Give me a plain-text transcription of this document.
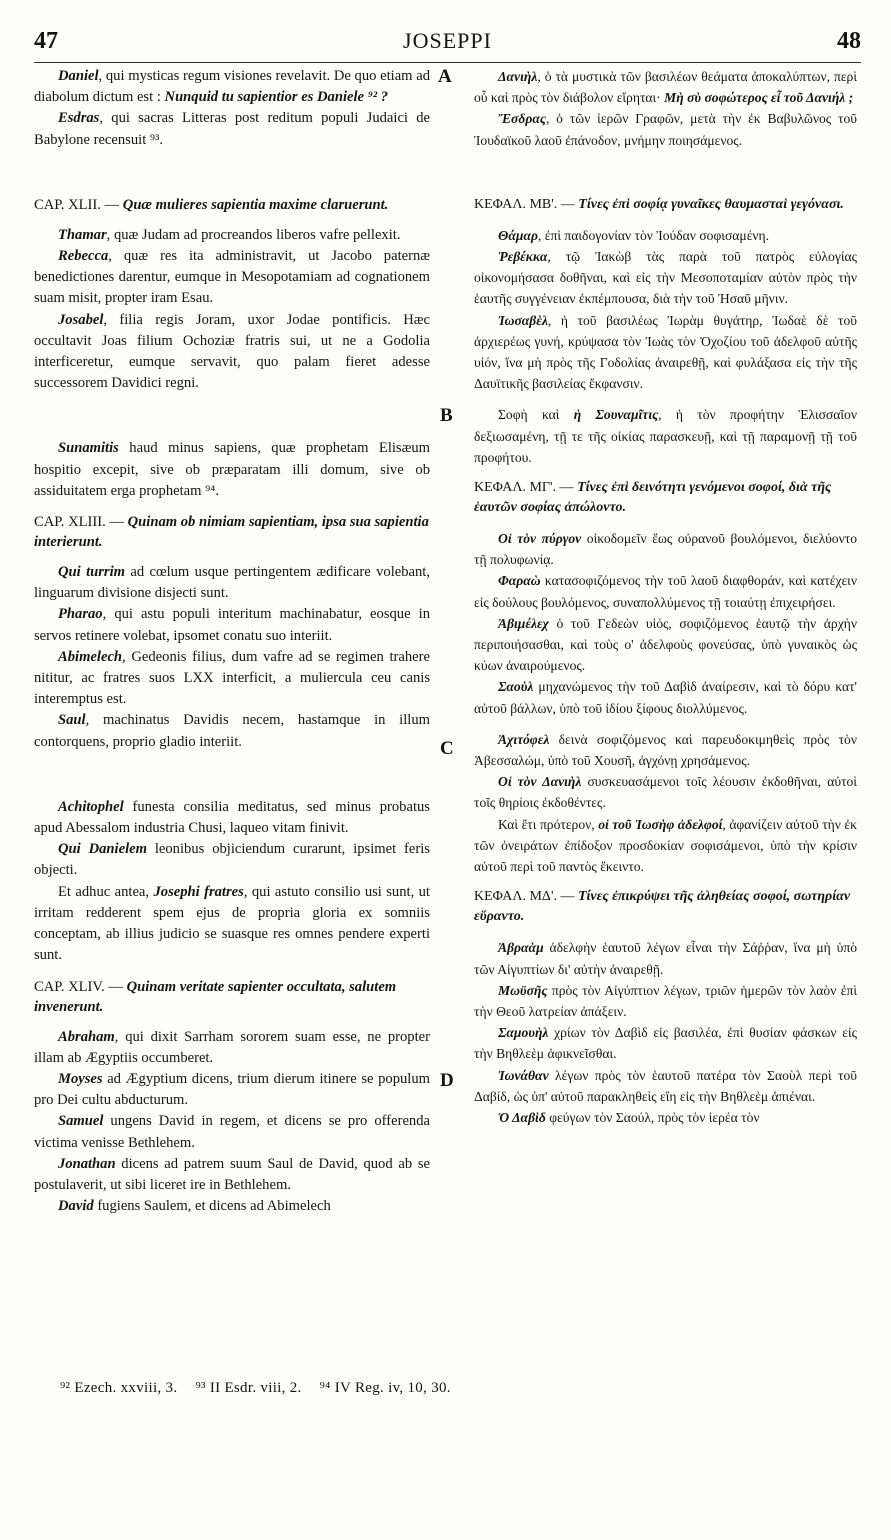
47	JOSEPPI	48
A
B
C
D

Daniel, qui mysticas regum visiones revelavit. De quo etiam ad diabolum dictum est : Nunquid tu sapientior es Daniele ⁹² ?

Esdras, qui sacras Litteras post reditum populi Judaici de Babylone recensuit ⁹³.

CAP. XLII. — Quæ mulieres sapientia maxime claruerunt.

Thamar, quæ Judam ad procreandos liberos vafre pellexit.

Rebecca, quæ res ita administravit, ut Jacobo paternæ benedictiones darentur, eumque in Mesopotamiam ad cognationem suam misit, propter iram Esau.

Josabel, filia regis Joram, uxor Jodae pontificis. Hæc occultavit Joas filium Ochoziæ fratris sui, ut ne a Godolia interficeretur, eumque servavit, quo palam fieret adesse successorem Davidici regni.

Sunamitis haud minus sapiens, quæ prophetam Elisæum hospitio excepit, sive ob præparatam illi domum, sive ob assiduitatem erga prophetam ⁹⁴.

CAP. XLIII. — Quinam ob nimiam sapientiam, ipsa sua sapientia interierunt.

Qui turrim ad cœlum usque pertingentem ædificare volebant, linguarum divisione disjecti sunt.

Pharao, qui astu populi interitum machinabatur, eosque in servos retinere volebat, ipsomet conatu suo interiit.

Abimelech, Gedeonis filius, dum vafre ad se regimen trahere nititur, ac fratres suos LXX interficit, a muliercula ceu canis interemptus est.

Saul, machinatus Davidis necem, hastamque in illum contorquens, proprio gladio interiit.

Achitophel funesta consilia meditatus, sed minus probatus apud Abessalom industria Chusi, laqueo vitam finivit.

Qui Danielem leonibus objiciendum curarunt, ipsimet feris objecti.

Et adhuc antea, Josephi fratres, qui astuto consilio usi sunt, ut irritam redderent spem ejus de propria gloria ex somniis conceptam, ab illius judicio se suasque res omnes pendere experti sunt.

CAP. XLIV. — Quinam veritate sapienter occultata, salutem invenerunt.

Abraham, qui dixit Sarrham sororem suam esse, ne propter illam ab Ægyptiis occumberet.

Moyses ad Ægyptium dicens, trium dierum itinere se populum pro Dei cultu abducturum.

Samuel ungens David in regem, et dicens se pro offerenda victima venisse Bethlehem.

Jonathan dicens ad patrem suum Saul de David, quod ab se postulaverit, ut sibi liceret ire in Bethlehem.

David fugiens Saulem, et dicens ad Abimelech

Δανιὴλ, ὁ τὰ μυστικὰ τῶν βασιλέων θεάματα ἀποκαλύπτων, περὶ οὗ καὶ πρὸς τὸν διάβολον εἴρηται· Μὴ σὺ σοφώτερος εἶ τοῦ Δανιήλ ;

Ἔσδρας, ὁ τῶν ἱερῶν Γραφῶν, μετὰ τὴν ἐκ Βαβυλῶνος τοῦ Ἰουδαϊκοῦ λαοῦ ἐπάνοδον, μνήμην ποιησάμενος.

ΚΕΦΑΛ. ΜΒ'. — Τίνες ἐπὶ σοφίᾳ γυναῖκες θαυμασταὶ γεγόνασι.

Θάμαρ, ἐπὶ παιδογονίαν τὸν Ἰούδαν σοφισαμένη.

Ῥεβέκκα, τῷ Ἰακὼβ τὰς παρὰ τοῦ πατρὸς εὐλογίας οἰκονομήσασα δοθῆναι, καὶ εἰς τὴν Μεσοποταμίαν αὐτὸν πρὸς τὴν ἑαυτῆς συγγένειαν ἐκπέμπουσα, διὰ τὴν τοῦ Ἠσαῦ μῆνιν.

Ἰωσαβὲλ, ἡ τοῦ βασιλέως Ἰωρὰμ θυγάτηρ, Ἰωδαὲ δὲ τοῦ ἀρχιερέως γυνή, κρύψασα τὸν Ἰωὰς τὸν Ὀχοζίου τοῦ ἀδελφοῦ αὐτῆς υἱόν, ἵνα μὴ πρὸς τῆς Γοδολίας ἀναιρεθῇ, καὶ φυλάξασα εἰς τὴν τῆς Δαυϊτικῆς βασιλείας ἔκφανσιν.

Σοφὴ καὶ ἡ Σουναμῖτις, ἡ τὸν προφήτην Ἐλισσαῖον δεξιωσαμένη, τῇ τε τῆς οἰκίας παρασκευῇ, καὶ τῇ παραμονῇ τῇ τοῦ προφήτου.

ΚΕΦΑΛ. ΜΓ'. — Τίνες ἐπὶ δεινότητι γενόμενοι σοφοί, διὰ τῆς ἑαυτῶν σοφίας ἀπώλοντο.

Οἱ τὸν πύργον οἰκοδομεῖν ἕως οὐρανοῦ βουλόμενοι, διελύοντο τῇ πολυφωνίᾳ.

Φαραὼ κατασοφιζόμενος τὴν τοῦ λαοῦ διαφθοράν, καὶ κατέχειν εἰς δούλους βουλόμενος, συναπολλύμενος τῇ τοιαύτῃ ἐπιχειρήσει.

Ἀβιμέλεχ ὁ τοῦ Γεδεὼν υἱός, σοφιζόμενος ἑαυτῷ τὴν ἀρχὴν περιποιήσασθαι, καὶ τοὺς ο' ἀδελφοὺς φονεύσας, ὑπὸ γυναικὸς ὡς κύων ἀναιρούμενος.

Σαοὺλ μηχανώμενος τὴν τοῦ Δαβὶδ ἀναίρεσιν, καὶ τὸ δόρυ κατ' αὐτοῦ βάλλων, ὑπὸ τοῦ ἰδίου ξίφους διολλύμενος.

Ἀχιτόφελ δεινὰ σοφιζόμενος καὶ παρευδοκιμηθεὶς πρὸς τὸν Ἀβεσσαλώμ, ὑπὸ τοῦ Χουσῆ, ἀγχόνῃ χρησάμενος.

Οἱ τὸν Δανιὴλ συσκευασάμενοι τοῖς λέουσιν ἐκδοθῆναι, αὐτοὶ τοῖς θηρίοις ἐκδοθέντες.

Καὶ ἔτι πρότερον, οἱ τοῦ Ἰωσὴφ ἀδελφοί, ἀφανίζειν αὐτοῦ τὴν ἐκ τῶν ὀνειράτων ἐπίδοξον προσδοκίαν σοφισάμενοι, ὑπὸ τὴν κρίσιν αὐτοῦ περὶ τοῦ παντὸς ἔκειντο.

ΚΕΦΑΛ. ΜΔ'. — Τίνες ἐπικρύψει τῆς ἀληθείας σοφοί, σωτηρίαν εὕραντο.

Ἀβραὰμ ἀδελφὴν ἑαυτοῦ λέγων εἶναι τὴν Σάῤῥαν, ἵνα μὴ ὑπὸ τῶν Αἰγυπτίων δι' αὐτὴν ἀναιρεθῇ.

Μωϋσῆς πρὸς τὸν Αἰγύπτιον λέγων, τριῶν ἡμερῶν τὸν λαὸν ἐπὶ τὴν Θεοῦ λατρείαν ἀπάξειν.

Σαμουὴλ χρίων τὸν Δαβὶδ εἰς βασιλέα, ἐπὶ θυσίαν φάσκων εἰς τὴν Βηθλεὲμ ἀφικνεῖσθαι.

Ἰωνάθαν λέγων πρὸς τὸν ἑαυτοῦ πατέρα τὸν Σαοὺλ περὶ τοῦ Δαβίδ, ὡς ὑπ' αὐτοῦ παρακληθεὶς εἴη εἰς τὴν Βηθλεὲμ ἀπιέναι.

Ὁ Δαβὶδ φεύγων τὸν Σαούλ, πρὸς τὸν ἱερέα τὸν

⁹² Ezech. xxviii, 3. ⁹³ II Esdr. viii, 2. ⁹⁴ IV Reg. iv, 10, 30.
